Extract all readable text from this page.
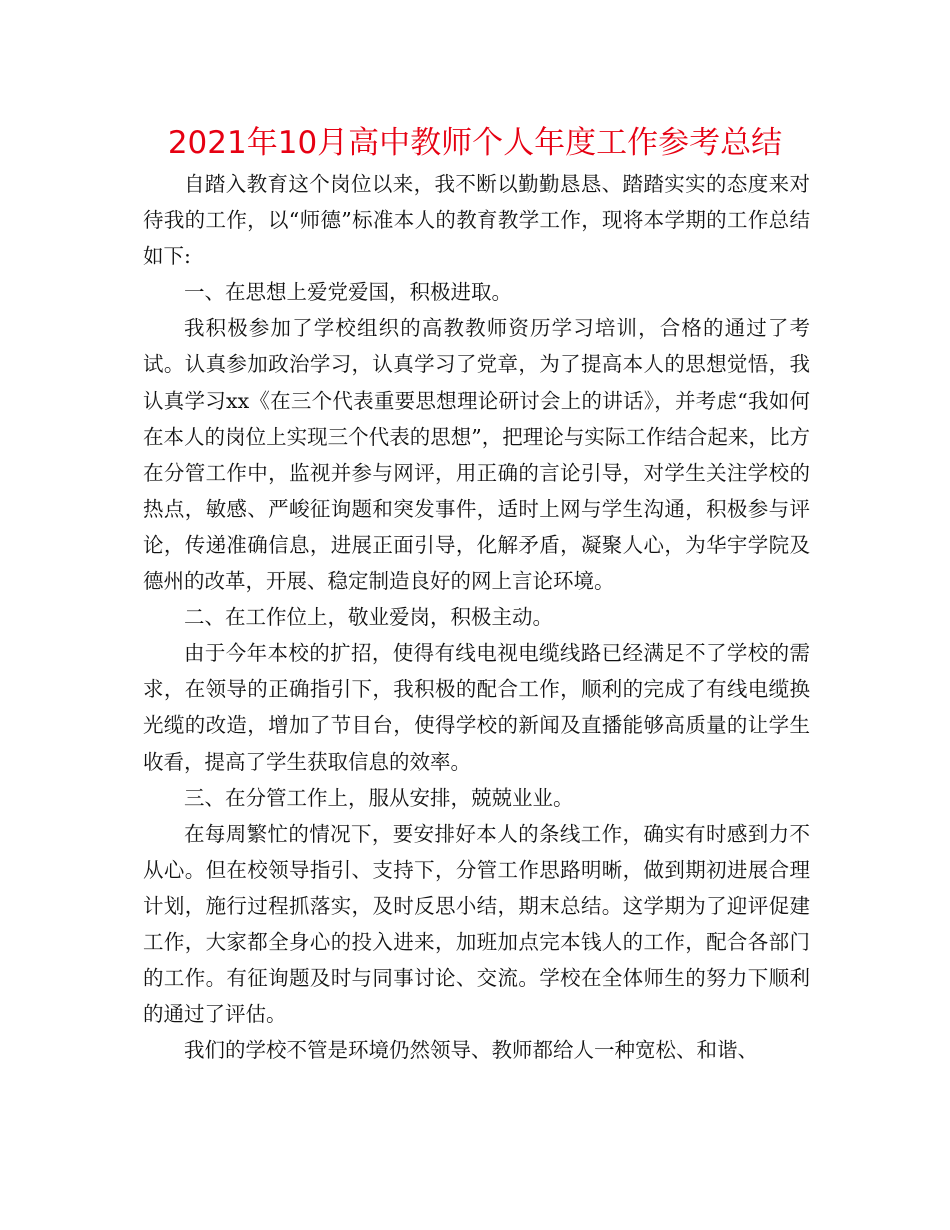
2021年10月高中教师个人年度工作参考总结

自踏入教育这个岗位以来，我不断以勤勤恳恳、踏踏实实的态度来对待我的工作，以“师德”标准本人的教育教学工作，现将本学期的工作总结如下:

一、在思想上爱党爱国，积极进取。

我积极参加了学校组织的高教教师资历学习培训，合格的通过了考试。认真参加政治学习，认真学习了党章，为了提高本人的思想觉悟，我认真学习xx《在三个代表重要思想理论研讨会上的讲话》，并考虑“我如何在本人的岗位上实现三个代表的思想”，把理论与实际工作结合起来，比方在分管工作中，监视并参与网评，用正确的言论引导，对学生关注学校的热点，敏感、严峻征询题和突发事件，适时上网与学生沟通，积极参与评论，传递准确信息，进展正面引导，化解矛盾，凝聚人心，为华宇学院及德州的改革，开展、稳定制造良好的网上言论环境。

二、在工作位上，敬业爱岗，积极主动。

由于今年本校的扩招，使得有线电视电缆线路已经满足不了学校的需求，在领导的正确指引下，我积极的配合工作，顺利的完成了有线电缆换光缆的改造，增加了节目台，使得学校的新闻及直播能够高质量的让学生收看，提高了学生获取信息的效率。

三、在分管工作上，服从安排，兢兢业业。

在每周繁忙的情况下，要安排好本人的条线工作，确实有时感到力不从心。但在校领导指引、支持下，分管工作思路明晰，做到期初进展合理计划，施行过程抓落实，及时反思小结，期末总结。这学期为了迎评促建工作，大家都全身心的投入进来，加班加点完本钱人的工作，配合各部门的工作。有征询题及时与同事讨论、交流。学校在全体师生的努力下顺利的通过了评估。

我们的学校不管是环境仍然领导、教师都给人一种宽松、和谐、
